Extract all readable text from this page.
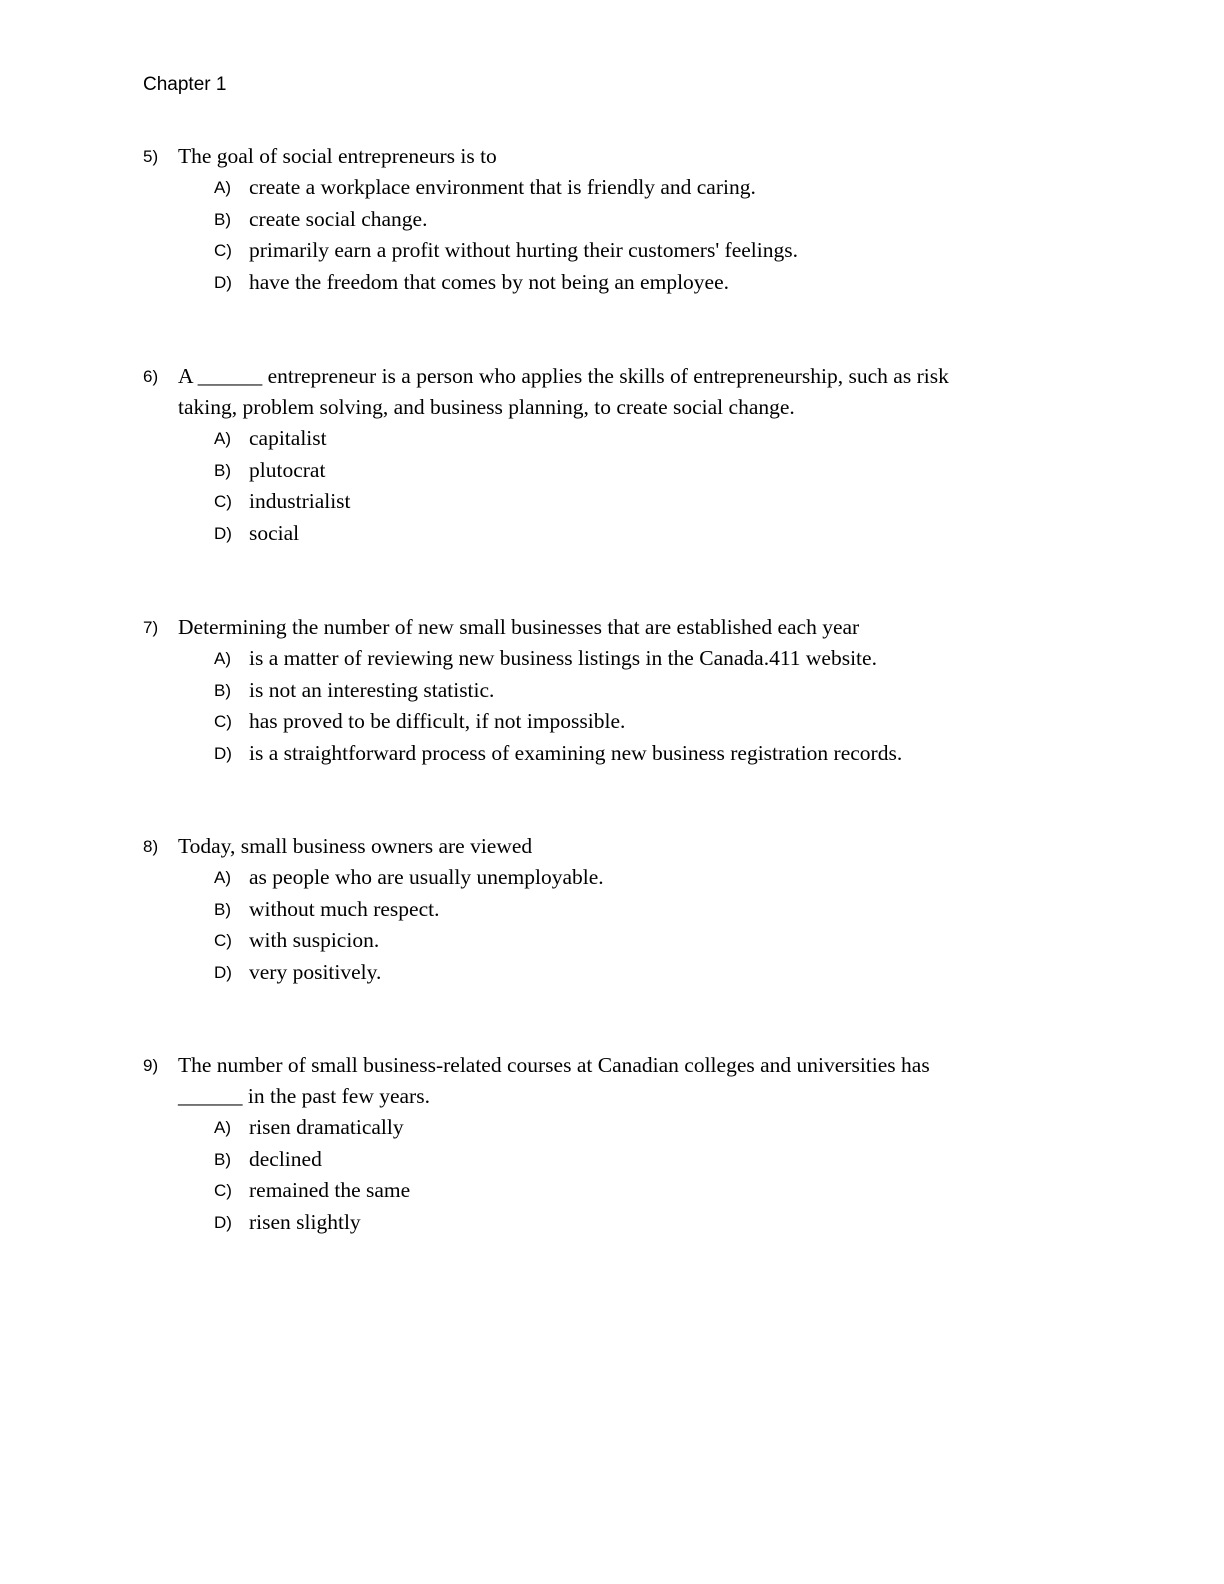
Chapter 1
5) The goal of social entrepreneurs is to
A) create a workplace environment that is friendly and caring.
B) create social change.
C) primarily earn a profit without hurting their customers' feelings.
D) have the freedom that comes by not being an employee.
6) A ______ entrepreneur is a person who applies the skills of entrepreneurship, such as risk
taking, problem solving, and business planning, to create social change.
A) capitalist
B) plutocrat
C) industrialist
D) social
7) Determining the number of new small businesses that are established each year
A) is a matter of reviewing new business listings in the Canada.411 website.
B) is not an interesting statistic.
C) has proved to be difficult, if not impossible.
D) is a straightforward process of examining new business registration records.
8) Today, small business owners are viewed
A) as people who are usually unemployable.
B) without much respect.
C) with suspicion.
D) very positively.
9) The number of small business-related courses at Canadian colleges and universities has
______ in the past few years.
A) risen dramatically
B) declined
C) remained the same
D) risen slightly
